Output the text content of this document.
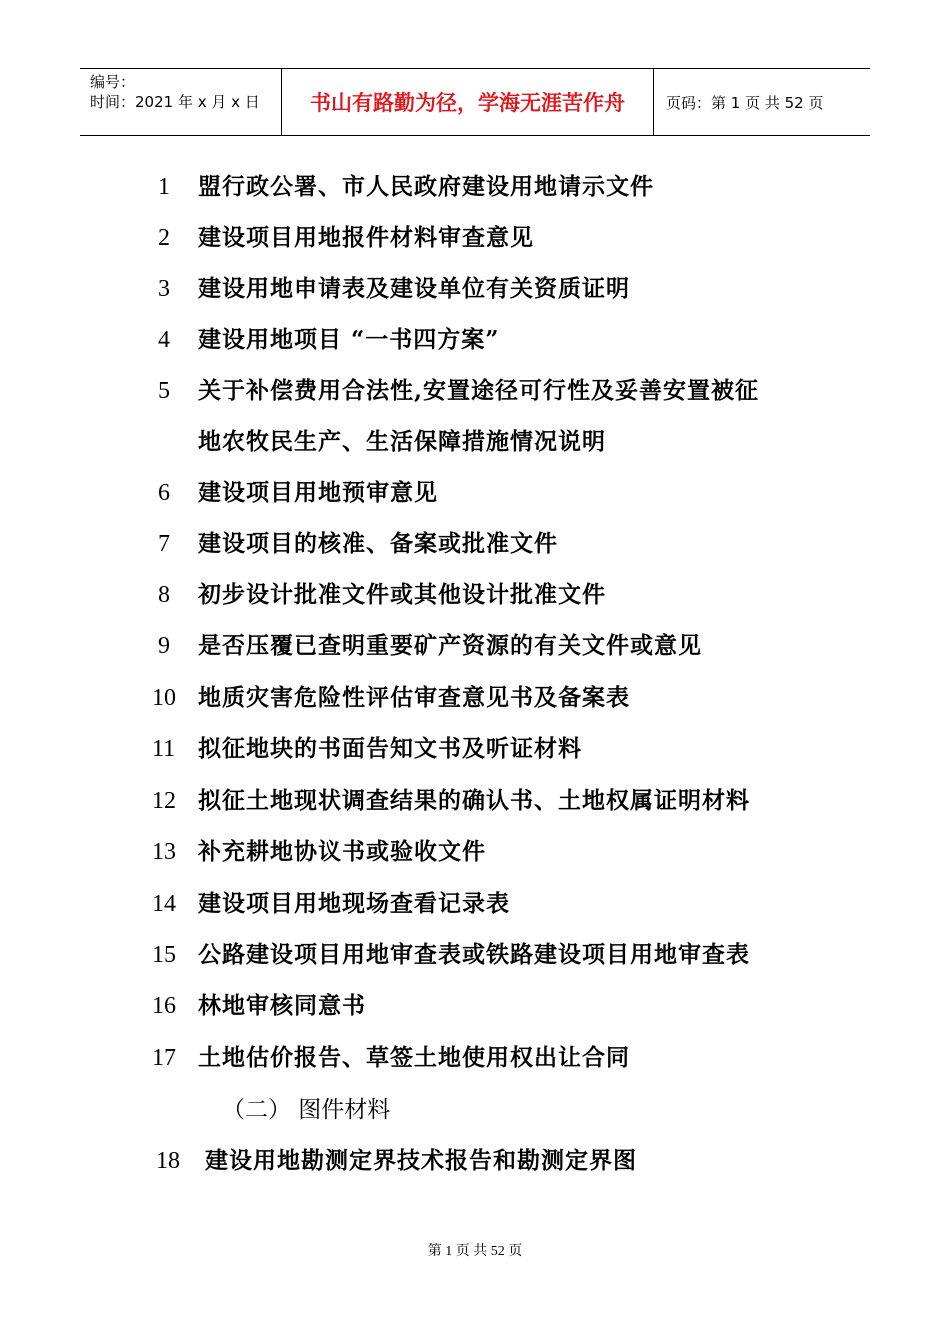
编号：
时间：2021 年 x 月 x 日	书山有路勤为径，学海无涯苦作舟	页码：第 1 页 共 52 页
1 盟行政公署、市人民政府建设用地请示文件
2 建设项目用地报件材料审查意见
3 建设用地申请表及建设单位有关资质证明
4 建设用地项目 “一书四方案”
5 关于补偿费用合法性,安置途径可行性及妥善安置被征
地农牧民生产、生活保障措施情况说明
6 建设项目用地预审意见
7 建设项目的核准、备案或批准文件
8 初步设计批准文件或其他设计批准文件
9 是否压覆已查明重要矿产资源的有关文件或意见
10 地质灾害危险性评估审查意见书及备案表
11 拟征地块的书面告知文书及听证材料
12 拟征土地现状调查结果的确认书、土地权属证明材料
13 补充耕地协议书或验收文件
14 建设项目用地现场查看记录表
15 公路建设项目用地审查表或铁路建设项目用地审查表
16 林地审核同意书
17 土地估价报告、草签土地使用权出让合同
（二） 图件材料
18 建设用地勘测定界技术报告和勘测定界图
第 1 页 共 52 页
